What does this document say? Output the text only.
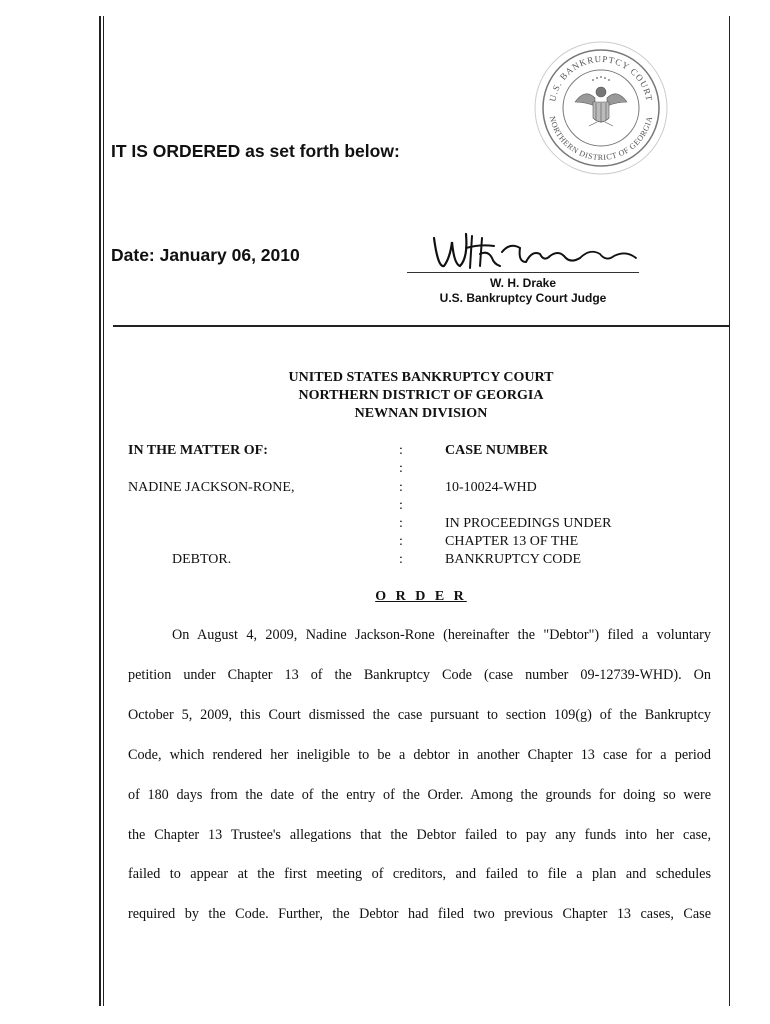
IT IS ORDERED as set forth below:
U.S. BANKRUPTCY COURT
NORTHERN DISTRICT OF GEORGIA
Date: January 06, 2010
W. H. Drake
U.S. Bankruptcy Court Judge
UNITED STATES BANKRUPTCY COURT
NORTHERN DISTRICT OF GEORGIA
NEWNAN DIVISION
IN THE MATTER OF:
NADINE JACKSON-RONE,
DEBTOR.
:
:
:
:
:
:
:
CASE NUMBER
10-10024-WHD
IN PROCEEDINGS UNDER
CHAPTER 13 OF THE
BANKRUPTCY CODE
O R D E R
On August 4, 2009, Nadine Jackson-Rone (hereinafter the "Debtor") filed a voluntary
petition under Chapter 13 of the Bankruptcy Code (case number 09-12739-WHD). On
October 5, 2009, this Court dismissed the case pursuant to section 109(g) of the Bankruptcy
Code, which rendered her ineligible to be a debtor in another Chapter 13 case for a period
of 180 days from the date of the entry of the Order. Among the grounds for doing so were
the Chapter 13 Trustee's allegations that the Debtor failed to pay any funds into her case,
failed to appear at the first meeting of creditors, and failed to file a plan and schedules
required by the Code. Further, the Debtor had filed two previous Chapter 13 cases, Case
